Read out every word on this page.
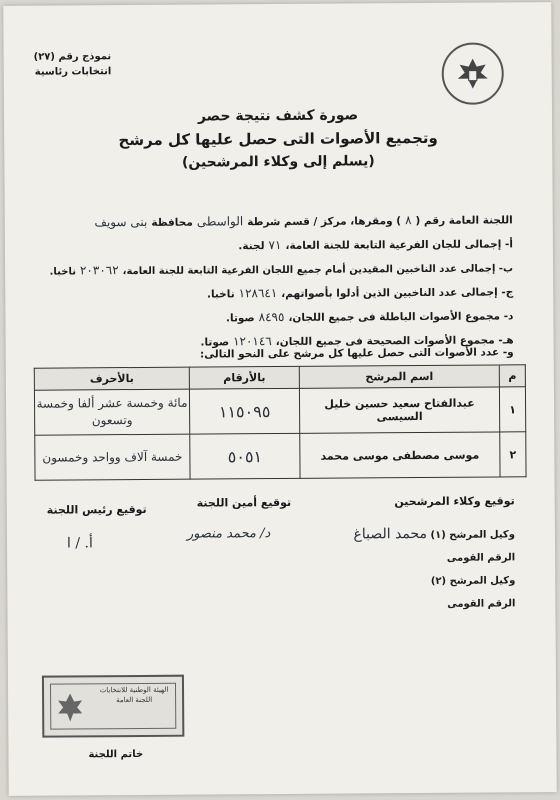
نموذج رقم (٢٧)
انتخابات رئاسية
صورة كشف نتيجة حصر
وتجميع الأصوات التى حصل عليها كل مرشح
(يسلم إلى وكلاء المرشحين)
اللجنة العامة رقم (
٨
) ومقرها، مركز / قسم شرطة
الواسطى
محافظة
بنى سويف
أ- إجمالى للجان الفرعية التابعة للجنة العامة،
٧١
لجنة.
ب- إجمالى عدد الناخبين المقيدين أمام جميع اللجان الفرعية التابعة للجنة العامة،
٢٠٣٠٦٢
ناخبا.
ج- إجمالى عدد الناخبين الذين أدلوا بأصواتهم،
١٢٨٦٤١
ناخبا.
د- مجموع الأصوات الباطلة فى جميع اللجان،
٨٤٩٥
صوتا.
هـ- مجموع الأصوات الصحيحة فى جميع اللجان،
١٢٠١٤٦
صوتا.
و- عدد الأصوات التى حصل عليها كل مرشح على النحو التالى:
م	اسم المرشح	بالأرقام	بالأحرف
١	عبدالفتاح سعيد حسين خليل السيسى	١١٥٠٩٥	مائة وخمسة عشر ألفا وخمسة وتسعون
٢	موسى مصطفى موسى محمد	٥٠٥١	خمسة آلاف وواحد وخمسون
توقيع وكلاء المرشحين
توقيع أمين اللجنة
توقيع رئيس اللجنة
وكيل المرشح (١) محمد الصباغ
الرقم القومى
وكيل المرشح (٢)
الرقم القومى
د/ محمد منصور
أ. / ا
الهيئة الوطنية للانتخابات اللجنة العامة
خاتم اللجنة
